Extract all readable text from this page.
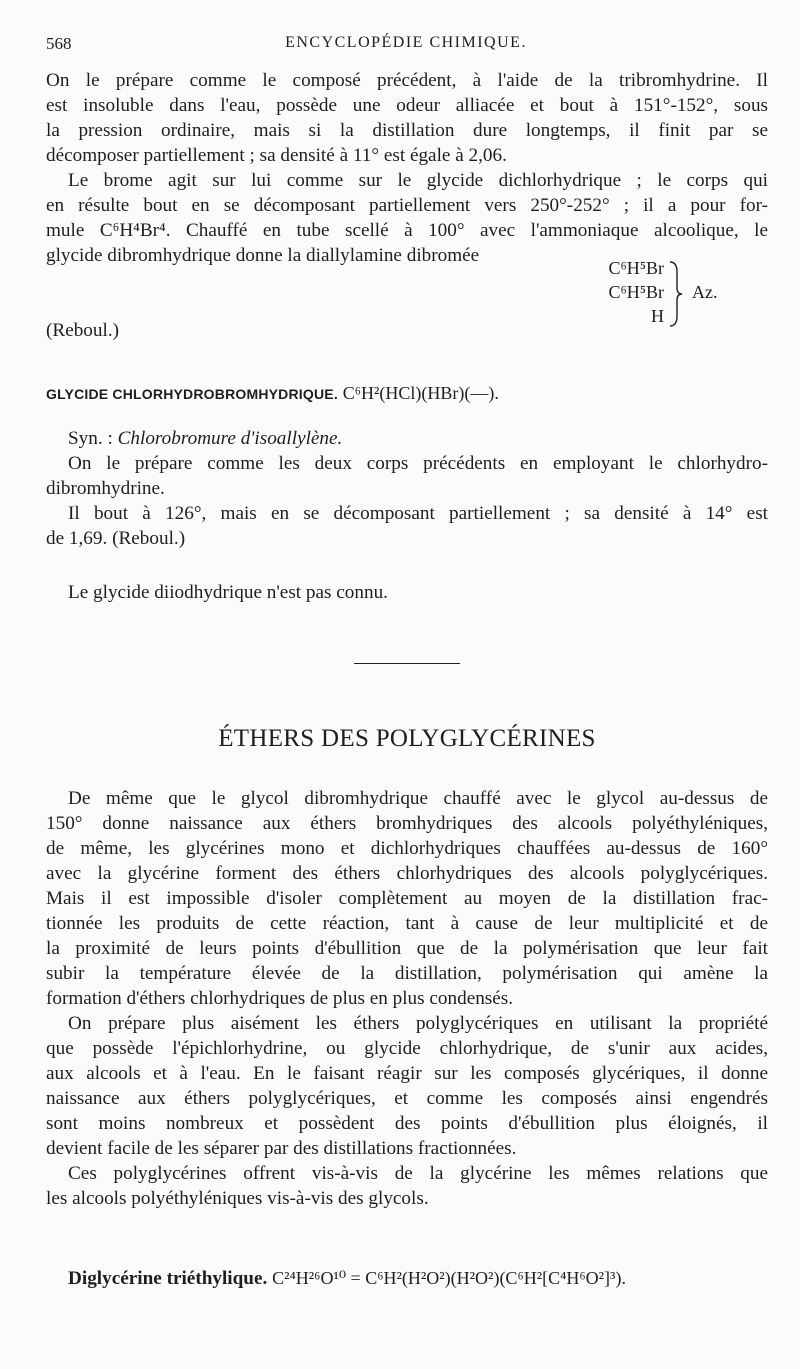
568	ENCYCLOPÉDIE CHIMIQUE.
On le prépare comme le composé précédent, à l'aide de la tribromhydrine. Il
est insoluble dans l'eau, possède une odeur alliacée et bout à 151°-152°, sous
la pression ordinaire, mais si la distillation dure longtemps, il finit par se
décomposer partiellement ; sa densité à 11° est égale à 2,06.
Le brome agit sur lui comme sur le glycide dichlorhydrique ; le corps qui
en résulte bout en se décomposant partiellement vers 250°-252° ; il a pour for-
mule C⁶H⁴Br⁴. Chauffé en tube scellé à 100° avec l'ammoniaque alcoolique, le
glycide dibromhydrique donne la diallylamine dibromée
(Reboul.)
C⁶H⁵Br
C⁶H⁵Br
H
Az.
GLYCIDE CHLORHYDROBROMHYDRIQUE. C⁶H²(HCl)(HBr)(—).
Syn. : Chlorobromure d'isoallylène.
On le prépare comme les deux corps précédents en employant le chlorhydro-
dibromhydrine.
Il bout à 126°, mais en se décomposant partiellement ; sa densité à 14° est
de 1,69. (Reboul.)
Le glycide diiodhydrique n'est pas connu.
ÉTHERS DES POLYGLYCÉRINES
De même que le glycol dibromhydrique chauffé avec le glycol au-dessus de
150° donne naissance aux éthers bromhydriques des alcools polyéthyléniques,
de même, les glycérines mono et dichlorhydriques chauffées au-dessus de 160°
avec la glycérine forment des éthers chlorhydriques des alcools polyglycériques.
Mais il est impossible d'isoler complètement au moyen de la distillation frac-
tionnée les produits de cette réaction, tant à cause de leur multiplicité et de
la proximité de leurs points d'ébullition que de la polymérisation que leur fait
subir la température élevée de la distillation, polymérisation qui amène la
formation d'éthers chlorhydriques de plus en plus condensés.
On prépare plus aisément les éthers polyglycériques en utilisant la propriété
que possède l'épichlorhydrine, ou glycide chlorhydrique, de s'unir aux acides,
aux alcools et à l'eau. En le faisant réagir sur les composés glycériques, il donne
naissance aux éthers polyglycériques, et comme les composés ainsi engendrés
sont moins nombreux et possèdent des points d'ébullition plus éloignés, il
devient facile de les séparer par des distillations fractionnées.
Ces polyglycérines offrent vis-à-vis de la glycérine les mêmes relations que
les alcools polyéthyléniques vis-à-vis des glycols.
Diglycérine triéthylique. C²⁴H²⁶O¹⁰ = C⁶H²(H²O²)(H²O²)(C⁶H²[C⁴H⁶O²]³).
